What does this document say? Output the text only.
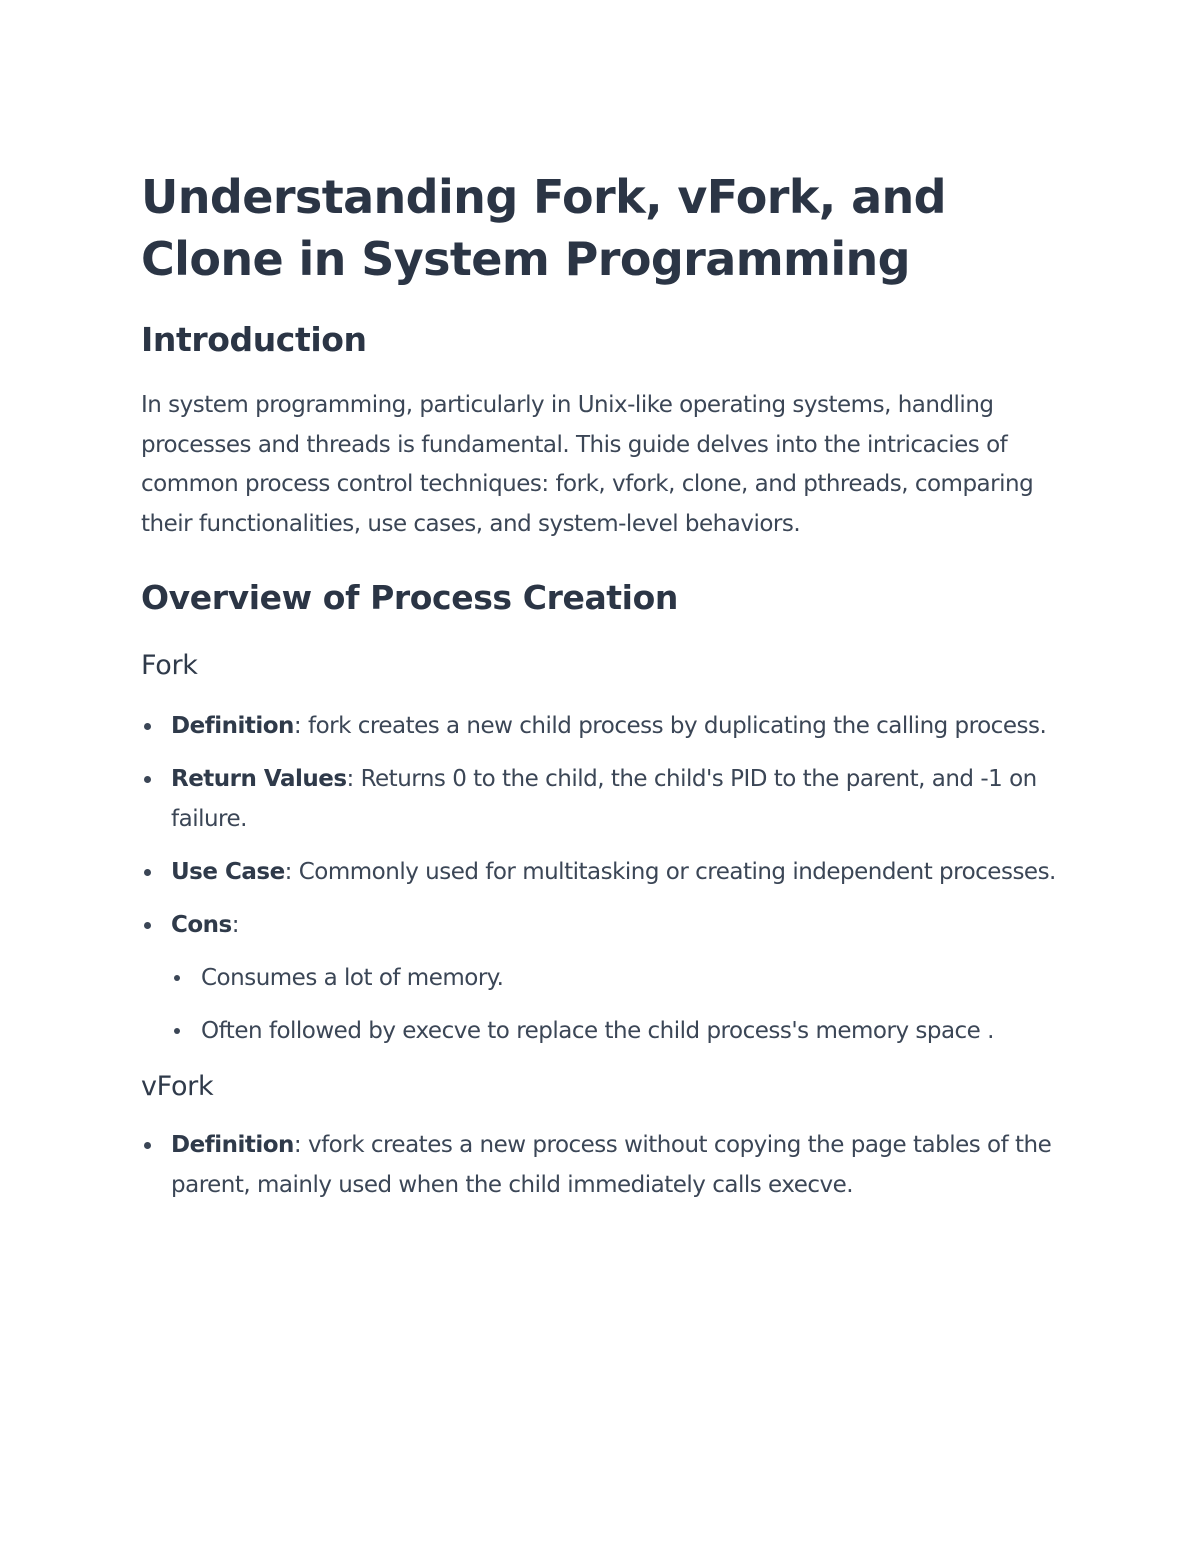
Understanding Fork, vFork, and Clone in System Programming
Introduction

In system programming, particularly in Unix-like operating systems, handling processes and threads is fundamental. This guide delves into the intricacies of common process control techniques: fork, vfork, clone, and pthreads, comparing their functionalities, use cases, and system-level behaviors.

Overview of Process Creation
Fork
Definition: fork creates a new child process by duplicating the calling process.
Return Values: Returns 0 to the child, the child's PID to the parent, and -1 on failure.
Use Case: Commonly used for multitasking or creating independent processes.
Cons:
Consumes a lot of memory.
Often followed by execve to replace the child process's memory space .
vFork
Definition: vfork creates a new process without copying the page tables of the parent, mainly used when the child immediately calls execve.
